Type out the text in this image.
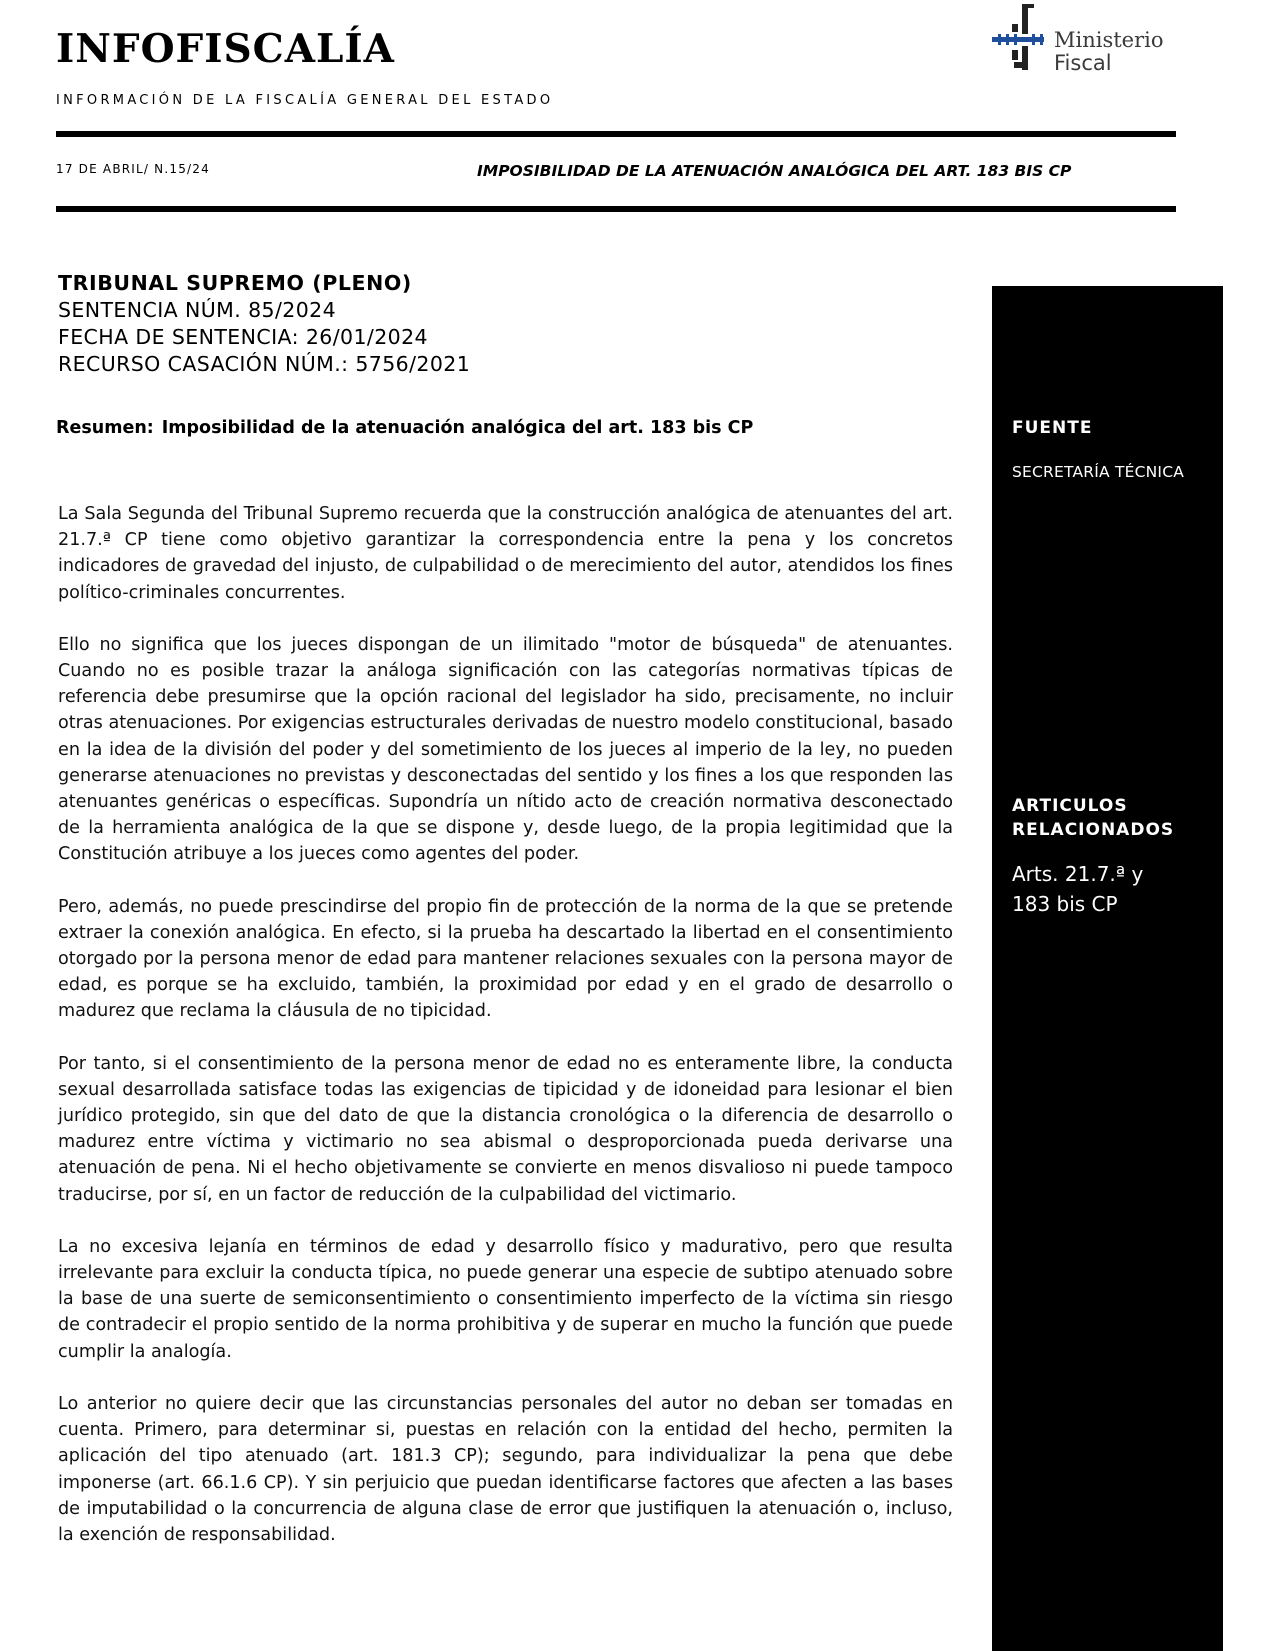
INFOFISCALÍA
INFORMACIÓN DE LA FISCALÍA GENERAL DEL ESTADO
Ministerio
Fiscal
17 DE ABRIL/ N.15/24	IMPOSIBILIDAD DE LA ATENUACIÓN ANALÓGICA DEL ART. 183 BIS CP
TRIBUNAL SUPREMO (PLENO)
SENTENCIA NÚM. 85/2024
FECHA DE SENTENCIA: 26/01/2024
RECURSO CASACIÓN NÚM.: 5756/2021
Resumen: Imposibilidad de la atenuación analógica del art. 183 bis CP

La Sala Segunda del Tribunal Supremo recuerda que la construcción analógica de atenuantes del art. 21.7.ª CP tiene como objetivo garantizar la correspondencia entre la pena y los concretos indicadores de gravedad del injusto, de culpabilidad o de merecimiento del autor, atendidos los fines político-criminales concurrentes.

Ello no significa que los jueces dispongan de un ilimitado "motor de búsqueda" de atenuantes. Cuando no es posible trazar la análoga significación con las categorías normativas típicas de referencia debe presumirse que la opción racional del legislador ha sido, precisamente, no incluir otras atenuaciones. Por exigencias estructurales derivadas de nuestro modelo constitucional, basado en la idea de la división del poder y del sometimiento de los jueces al imperio de la ley, no pueden generarse atenuaciones no previstas y desconectadas del sentido y los fines a los que responden las atenuantes genéricas o específicas. Supondría un nítido acto de creación normativa desconectado de la herramienta analógica de la que se dispone y, desde luego, de la propia legitimidad que la Constitución atribuye a los jueces como agentes del poder.

Pero, además, no puede prescindirse del propio fin de protección de la norma de la que se pretende extraer la conexión analógica. En efecto, si la prueba ha descartado la libertad en el consentimiento otorgado por la persona menor de edad para mantener relaciones sexuales con la persona mayor de edad, es porque se ha excluido, también, la proximidad por edad y en el grado de desarrollo o madurez que reclama la cláusula de no tipicidad.

Por tanto, si el consentimiento de la persona menor de edad no es enteramente libre, la conducta sexual desarrollada satisface todas las exigencias de tipicidad y de idoneidad para lesionar el bien jurídico protegido, sin que del dato de que la distancia cronológica o la diferencia de desarrollo o madurez entre víctima y victimario no sea abismal o desproporcionada pueda derivarse una atenuación de pena. Ni el hecho objetivamente se convierte en menos disvalioso ni puede tampoco traducirse, por sí, en un factor de reducción de la culpabilidad del victimario.

La no excesiva lejanía en términos de edad y desarrollo físico y madurativo, pero que resulta irrelevante para excluir la conducta típica, no puede generar una especie de subtipo atenuado sobre la base de una suerte de semiconsentimiento o consentimiento imperfecto de la víctima sin riesgo de contradecir el propio sentido de la norma prohibitiva y de superar en mucho la función que puede cumplir la analogía.

Lo anterior no quiere decir que las circunstancias personales del autor no deban ser tomadas en cuenta. Primero, para determinar si, puestas en relación con la entidad del hecho, permiten la aplicación del tipo atenuado (art. 181.3 CP); segundo, para individualizar la pena que debe imponerse (art. 66.1.6 CP). Y sin perjuicio que puedan identificarse factores que afecten a las bases de imputabilidad o la concurrencia de alguna clase de error que justifiquen la atenuación o, incluso, la exención de responsabilidad.

FUENTE
SECRETARÍA TÉCNICA
ARTICULOS
RELACIONADOS
Arts. 21.7.ª y
183 bis CP
